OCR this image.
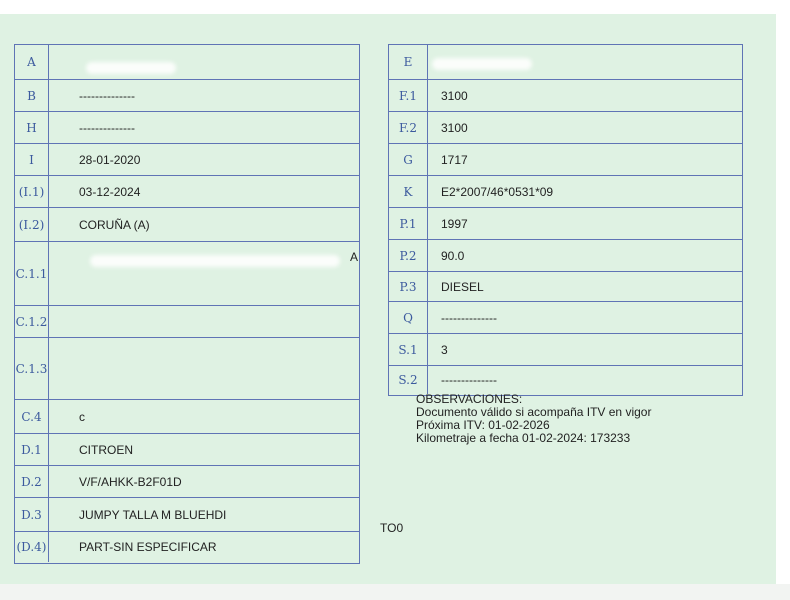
A
B	--------------
H	--------------
I	28-01-2020
(I.1)	03-12-2024
(I.2)	CORUÑA (A)
C.1.1
C.1.2
C.1.3
C.4	c
D.1	CITROEN
D.2	V/F/AHKK-B2F01D
D.3	JUMPY TALLA M BLUEHDI
(D.4)	PART-SIN ESPECIFICAR
E
F.1	3100
F.2	3100
G	1717
K	E2*2007/46*0531*09
P.1	1997
P.2	90.0
P.3	DIESEL
Q	--------------
S.1	3
S.2	--------------
A
TO0
OBSERVACIONES:
Documento válido si acompaña ITV en vigor
Próxima ITV: 01-02-2026
Kilometraje a fecha 01-02-2024: 173233
